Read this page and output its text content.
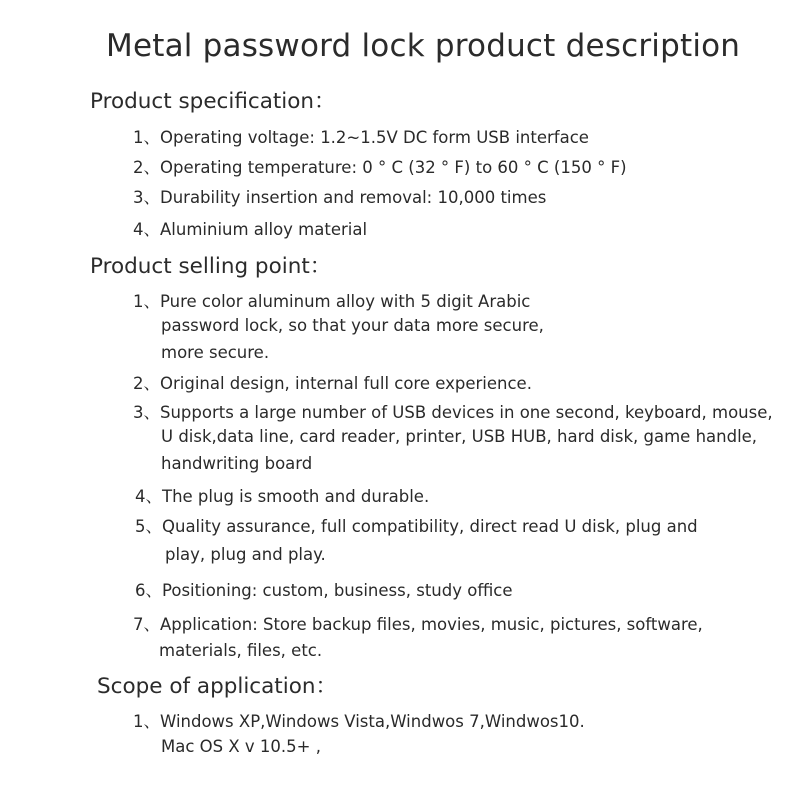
Metal password lock product description
Product specification：
1、Operating voltage: 1.2~1.5V DC form USB interface
2、Operating temperature: 0 ° C (32 ° F) to 60 ° C (150 ° F)
3、Durability insertion and removal: 10,000 times
4、Aluminium alloy material
Product selling point：
1、Pure color aluminum alloy with 5 digit Arabic
password lock, so that your data more secure,
more secure.
2、Original design, internal full core experience.
3、Supports a large number of USB devices in one second, keyboard, mouse,
U disk,data line, card reader, printer, USB HUB, hard disk, game handle,
handwriting board
4、The plug is smooth and durable.
5、Quality assurance, full compatibility, direct read U disk, plug and
play, plug and play.
6、Positioning: custom, business, study office
7、Application: Store backup files, movies, music, pictures, software,
materials, files, etc.
Scope of application：
1、Windows XP,Windows Vista,Windwos 7,Windwos10.
Mac OS X v 10.5+ ,
